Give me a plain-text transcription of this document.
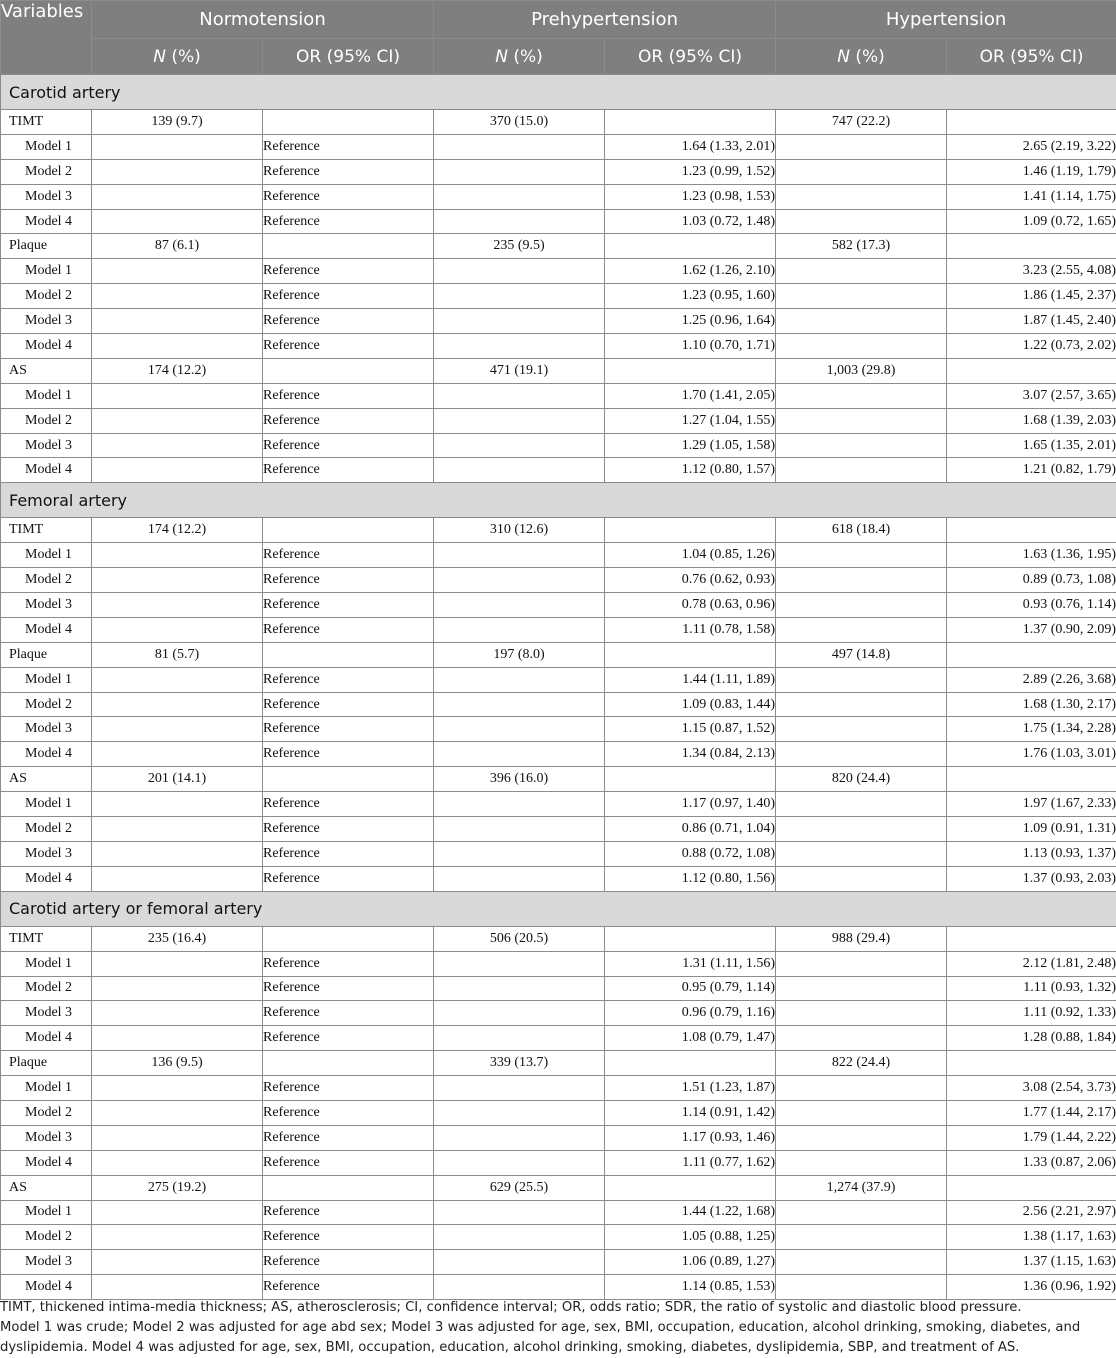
Variables	Normotension		Prehypertension		Hypertension	
	N (%)	OR (95% CI)	N (%)	OR (95% CI)	N (%)	OR (95% CI)
Carotid artery						
TIMT	139 (9.7)		370 (15.0)		747 (22.2)	
Model 1		Reference		1.64 (1.33, 2.01)		2.65 (2.19, 3.22)
Model 2		Reference		1.23 (0.99, 1.52)		1.46 (1.19, 1.79)
Model 3		Reference		1.23 (0.98, 1.53)		1.41 (1.14, 1.75)
Model 4		Reference		1.03 (0.72, 1.48)		1.09 (0.72, 1.65)
Plaque	87 (6.1)		235 (9.5)		582 (17.3)	
Model 1		Reference		1.62 (1.26, 2.10)		3.23 (2.55, 4.08)
Model 2		Reference		1.23 (0.95, 1.60)		1.86 (1.45, 2.37)
Model 3		Reference		1.25 (0.96, 1.64)		1.87 (1.45, 2.40)
Model 4		Reference		1.10 (0.70, 1.71)		1.22 (0.73, 2.02)
AS	174 (12.2)		471 (19.1)		1,003 (29.8)	
Model 1		Reference		1.70 (1.41, 2.05)		3.07 (2.57, 3.65)
Model 2		Reference		1.27 (1.04, 1.55)		1.68 (1.39, 2.03)
Model 3		Reference		1.29 (1.05, 1.58)		1.65 (1.35, 2.01)
Model 4		Reference		1.12 (0.80, 1.57)		1.21 (0.82, 1.79)
Femoral artery						
TIMT	174 (12.2)		310 (12.6)		618 (18.4)	
Model 1		Reference		1.04 (0.85, 1.26)		1.63 (1.36, 1.95)
Model 2		Reference		0.76 (0.62, 0.93)		0.89 (0.73, 1.08)
Model 3		Reference		0.78 (0.63, 0.96)		0.93 (0.76, 1.14)
Model 4		Reference		1.11 (0.78, 1.58)		1.37 (0.90, 2.09)
Plaque	81 (5.7)		197 (8.0)		497 (14.8)	
Model 1		Reference		1.44 (1.11, 1.89)		2.89 (2.26, 3.68)
Model 2		Reference		1.09 (0.83, 1.44)		1.68 (1.30, 2.17)
Model 3		Reference		1.15 (0.87, 1.52)		1.75 (1.34, 2.28)
Model 4		Reference		1.34 (0.84, 2.13)		1.76 (1.03, 3.01)
AS	201 (14.1)		396 (16.0)		820 (24.4)	
Model 1		Reference		1.17 (0.97, 1.40)		1.97 (1.67, 2.33)
Model 2		Reference		0.86 (0.71, 1.04)		1.09 (0.91, 1.31)
Model 3		Reference		0.88 (0.72, 1.08)		1.13 (0.93, 1.37)
Model 4		Reference		1.12 (0.80, 1.56)		1.37 (0.93, 2.03)
Carotid artery or femoral artery						
TIMT	235 (16.4)		506 (20.5)		988 (29.4)	
Model 1		Reference		1.31 (1.11, 1.56)		2.12 (1.81, 2.48)
Model 2		Reference		0.95 (0.79, 1.14)		1.11 (0.93, 1.32)
Model 3		Reference		0.96 (0.79, 1.16)		1.11 (0.92, 1.33)
Model 4		Reference		1.08 (0.79, 1.47)		1.28 (0.88, 1.84)
Plaque	136 (9.5)		339 (13.7)		822 (24.4)	
Model 1		Reference		1.51 (1.23, 1.87)		3.08 (2.54, 3.73)
Model 2		Reference		1.14 (0.91, 1.42)		1.77 (1.44, 2.17)
Model 3		Reference		1.17 (0.93, 1.46)		1.79 (1.44, 2.22)
Model 4		Reference		1.11 (0.77, 1.62)		1.33 (0.87, 2.06)
AS	275 (19.2)		629 (25.5)		1,274 (37.9)	
Model 1		Reference		1.44 (1.22, 1.68)		2.56 (2.21, 2.97)
Model 2		Reference		1.05 (0.88, 1.25)		1.38 (1.17, 1.63)
Model 3		Reference		1.06 (0.89, 1.27)		1.37 (1.15, 1.63)
Model 4		Reference		1.14 (0.85, 1.53)		1.36 (0.96, 1.92)

TIMT, thickened intima-media thickness; AS, atherosclerosis; CI, confidence interval; OR, odds ratio; SDR, the ratio of systolic and diastolic blood pressure.

Model 1 was crude; Model 2 was adjusted for age abd sex; Model 3 was adjusted for age, sex, BMI, occupation, education, alcohol drinking, smoking, diabetes, and dyslipidemia. Model 4 was adjusted for age, sex, BMI, occupation, education, alcohol drinking, smoking, diabetes, dyslipidemia, SBP, and treatment of AS.
